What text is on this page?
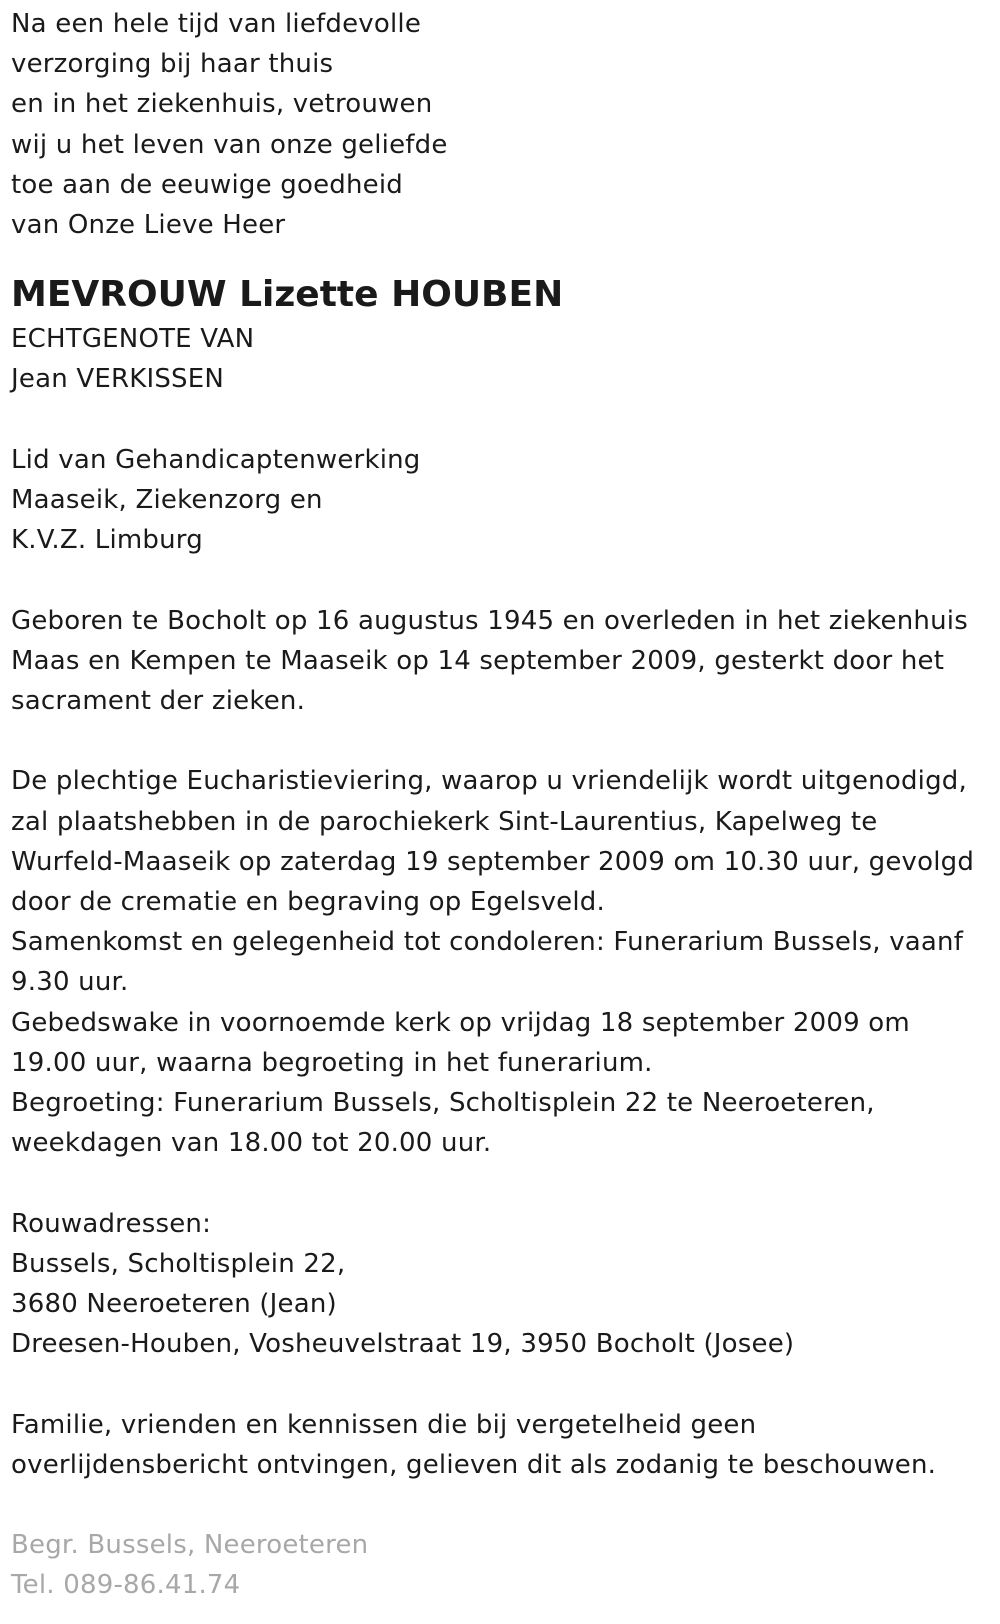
Na een hele tijd van liefdevolle
verzorging bij haar thuis
en in het ziekenhuis, vetrouwen
wij u het leven van onze geliefde
toe aan de eeuwige goedheid
van Onze Lieve Heer
MEVROUW Lizette HOUBEN
ECHTGENOTE VAN
Jean VERKISSEN
Lid van Gehandicaptenwerking
Maaseik, Ziekenzorg en
K.V.Z. Limburg
Geboren te Bocholt op 16 augustus 1945 en overleden in het ziekenhuis
Maas en Kempen te Maaseik op 14 september 2009, gesterkt door het
sacrament der zieken.
De plechtige Eucharistieviering, waarop u vriendelijk wordt uitgenodigd,
zal plaatshebben in de parochiekerk Sint-Laurentius, Kapelweg te
Wurfeld-Maaseik op zaterdag 19 september 2009 om 10.30 uur, gevolgd
door de crematie en begraving op Egelsveld.
Samenkomst en gelegenheid tot condoleren: Funerarium Bussels, vaanf
9.30 uur.
Gebedswake in voornoemde kerk op vrijdag 18 september 2009 om
19.00 uur, waarna begroeting in het funerarium.
Begroeting: Funerarium Bussels, Scholtisplein 22 te Neeroeteren,
weekdagen van 18.00 tot 20.00 uur.
Rouwadressen:
Bussels, Scholtisplein 22,
3680 Neeroeteren (Jean)
Dreesen-Houben, Vosheuvelstraat 19, 3950 Bocholt (Josee)
Familie, vrienden en kennissen die bij vergetelheid geen
overlijdensbericht ontvingen, gelieven dit als zodanig te beschouwen.
Begr. Bussels, Neeroeteren
Tel. 089-86.41.74
